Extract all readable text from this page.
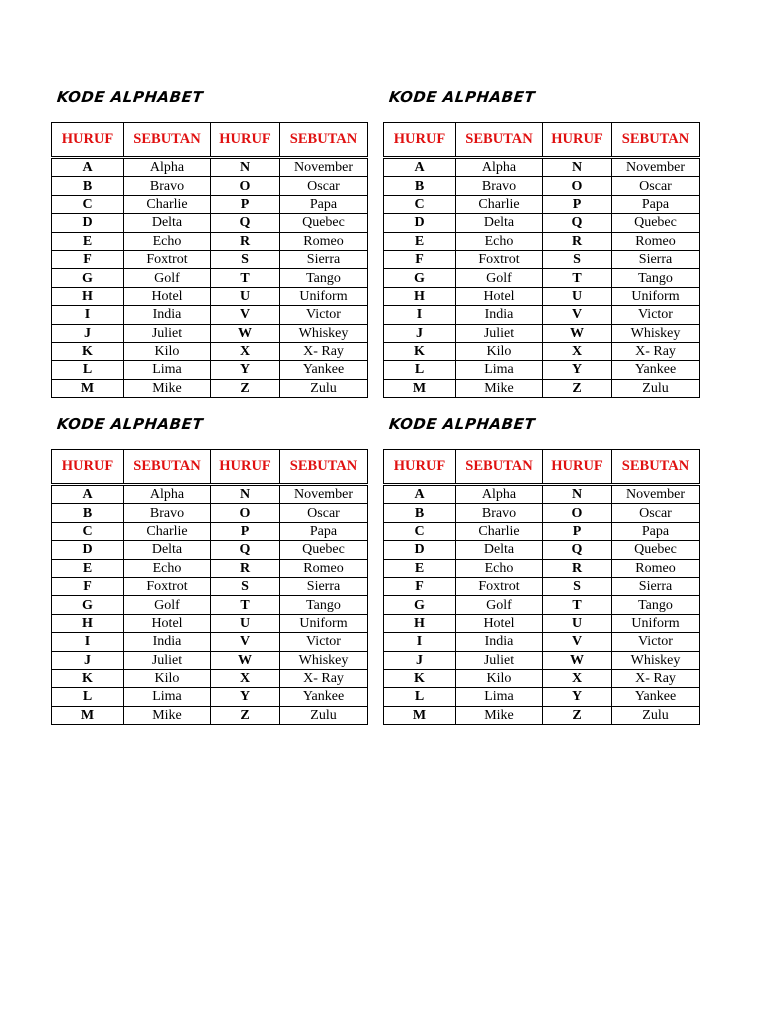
KODE ALPHABET
HURUF	SEBUTAN	HURUF	SEBUTAN
A	Alpha	N	November
B	Bravo	O	Oscar
C	Charlie	P	Papa
D	Delta	Q	Quebec
E	Echo	R	Romeo
F	Foxtrot	S	Sierra
G	Golf	T	Tango
H	Hotel	U	Uniform
I	India	V	Victor
J	Juliet	W	Whiskey
K	Kilo	X	X- Ray
L	Lima	Y	Yankee
M	Mike	Z	Zulu
KODE ALPHABET
HURUF	SEBUTAN	HURUF	SEBUTAN
A	Alpha	N	November
B	Bravo	O	Oscar
C	Charlie	P	Papa
D	Delta	Q	Quebec
E	Echo	R	Romeo
F	Foxtrot	S	Sierra
G	Golf	T	Tango
H	Hotel	U	Uniform
I	India	V	Victor
J	Juliet	W	Whiskey
K	Kilo	X	X- Ray
L	Lima	Y	Yankee
M	Mike	Z	Zulu
KODE ALPHABET
HURUF	SEBUTAN	HURUF	SEBUTAN
A	Alpha	N	November
B	Bravo	O	Oscar
C	Charlie	P	Papa
D	Delta	Q	Quebec
E	Echo	R	Romeo
F	Foxtrot	S	Sierra
G	Golf	T	Tango
H	Hotel	U	Uniform
I	India	V	Victor
J	Juliet	W	Whiskey
K	Kilo	X	X- Ray
L	Lima	Y	Yankee
M	Mike	Z	Zulu
KODE ALPHABET
HURUF	SEBUTAN	HURUF	SEBUTAN
A	Alpha	N	November
B	Bravo	O	Oscar
C	Charlie	P	Papa
D	Delta	Q	Quebec
E	Echo	R	Romeo
F	Foxtrot	S	Sierra
G	Golf	T	Tango
H	Hotel	U	Uniform
I	India	V	Victor
J	Juliet	W	Whiskey
K	Kilo	X	X- Ray
L	Lima	Y	Yankee
M	Mike	Z	Zulu
